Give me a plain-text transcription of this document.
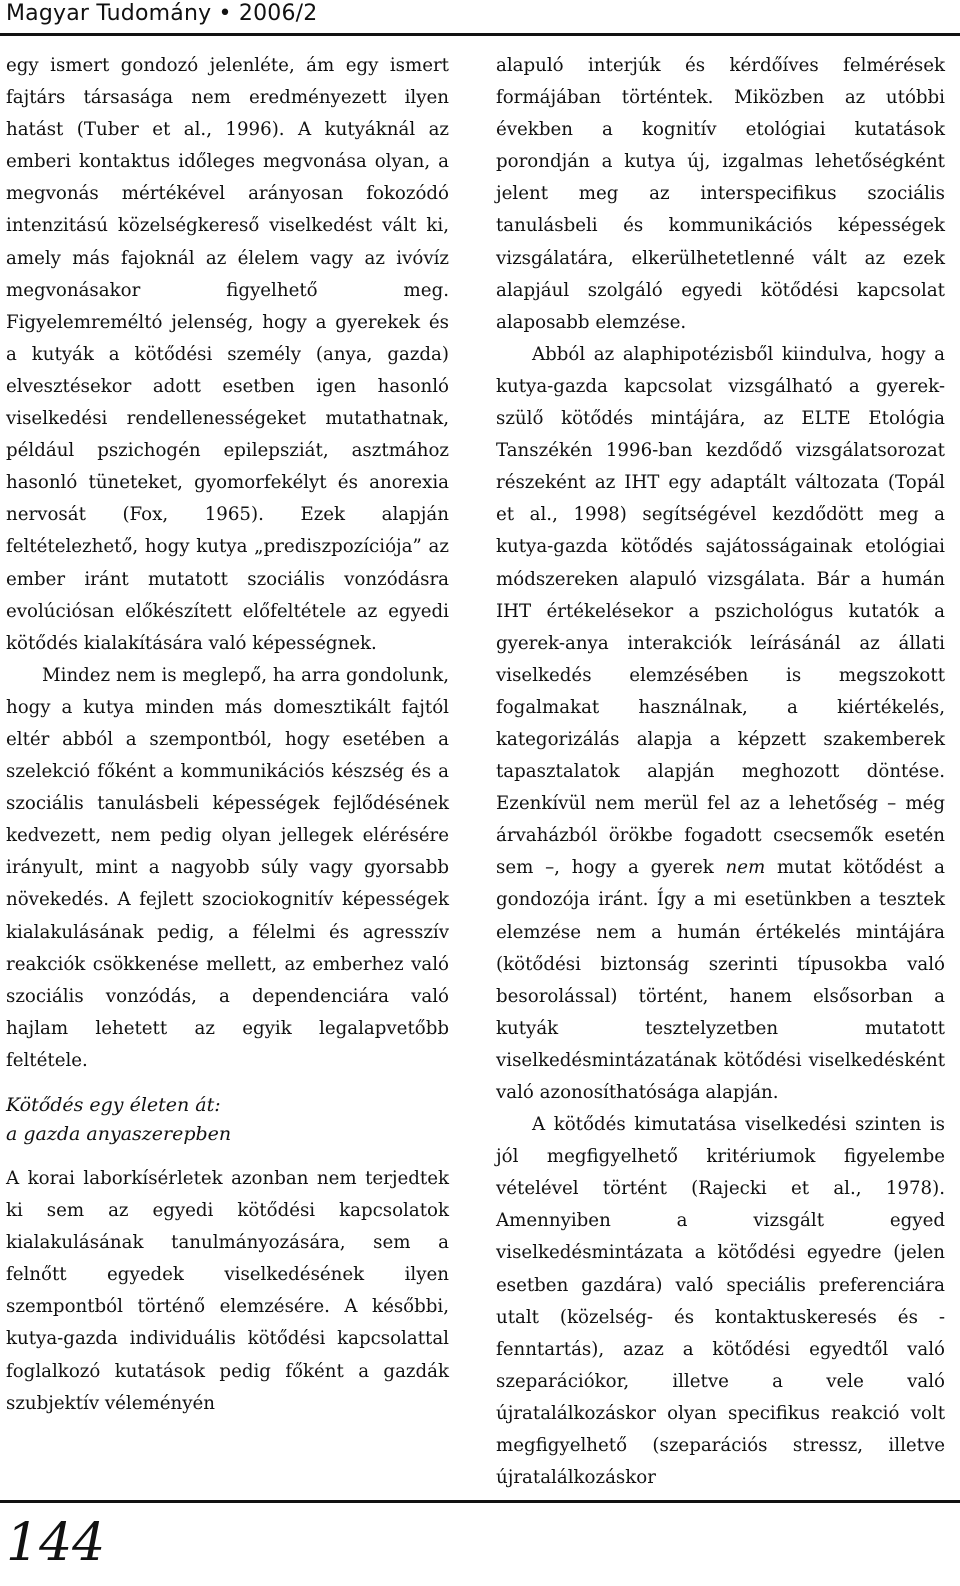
Magyar Tudomány • 2006/2

egy ismert gondozó jelenléte, ám egy ismert fajtárs társasága nem eredményezett ilyen hatást (Tuber et al., 1996). A kutyáknál az emberi kontaktus időleges megvonása olyan, a megvonás mértékével arányosan fokozódó intenzitású közelségkereső viselkedést vált ki, amely más fajoknál az élelem vagy az ivóvíz megvonásakor figyelhető meg. Figyelemreméltó jelenség, hogy a gyerekek és a kutyák a kötődési személy (anya, gazda) elvesztésekor adott esetben igen hasonló viselkedési rendellenességeket mutathatnak, például pszichogén epilepsziát, asztmához hasonló tüneteket, gyomorfekélyt és anorexia nervosát (Fox, 1965). Ezek alapján feltételezhető, hogy kutya „prediszpozíciója” az ember iránt mutatott szociális vonzódásra evolúciósan előkészített előfeltétele az egyedi kötődés kialakítására való képességnek.

Mindez nem is meglepő, ha arra gondolunk, hogy a kutya minden más domesztikált fajtól eltér abból a szempontból, hogy esetében a szelekció főként a kommunikációs készség és a szociális tanulásbeli képességek fejlődésének kedvezett, nem pedig olyan jellegek elérésére irányult, mint a nagyobb súly vagy gyorsabb növekedés. A fejlett szociokognitív képességek kialakulásának pedig, a félelmi és agresszív reakciók csökkenése mellett, az emberhez való szociális vonzódás, a dependenciára való hajlam lehetett az egyik legalapvetőbb feltétele.

Kötődés egy életen át:
a gazda anyaszerepben

A korai laborkísérletek azonban nem terjedtek ki sem az egyedi kötődési kapcsolatok kialakulásának tanulmányozására, sem a felnőtt egyedek viselkedésének ilyen szempontból történő elemzésére. A későbbi, kutya-gazda individuális kötődési kapcsolattal foglalkozó kutatások pedig főként a gazdák szubjektív véleményén

alapuló interjúk és kérdőíves felmérések formájában történtek. Miközben az utóbbi években a kognitív etológiai kutatások porondján a kutya új, izgalmas lehetőségként jelent meg az interspecifikus szociális tanulásbeli és kommunikációs képességek vizsgálatára, elkerülhetetlenné vált az ezek alapjául szolgáló egyedi kötődési kapcsolat alaposabb elemzése.

Abból az alaphipotézisből kiindulva, hogy a kutya-gazda kapcsolat vizsgálható a gyerek-szülő kötődés mintájára, az ELTE Etológia Tanszékén 1996-ban kezdődő vizsgálatsorozat részeként az IHT egy adaptált változata (Topál et al., 1998) segítségével kezdődött meg a kutya-gazda kötődés sajátosságainak etológiai módszereken alapuló vizsgálata. Bár a humán IHT értékelésekor a pszichológus kutatók a gyerek-anya interakciók leírásánál az állati viselkedés elemzésében is megszokott fogalmakat használnak, a kiértékelés, kategorizálás alapja a képzett szakemberek tapasztalatok alapján meghozott döntése. Ezenkívül nem merül fel az a lehetőség – még árvaházból örökbe fogadott csecsemők esetén sem –, hogy a gyerek nem mutat kötődést a gondozója iránt. Így a mi esetünkben a tesztek elemzése nem a humán értékelés mintájára (kötődési biztonság szerinti típusokba való besorolással) történt, hanem elsősorban a kutyák tesztelyzetben mutatott viselkedésmintázatának kötődési viselkedésként való azonosíthatósága alapján.

A kötődés kimutatása viselkedési szinten is jól megfigyelhető kritériumok figyelembe vételével történt (Rajecki et al., 1978). Amennyiben a vizsgált egyed viselkedésmintázata a kötődési egyedre (jelen esetben gazdára) való speciális preferenciára utalt (közelség- és kontaktuskeresés és -fenntartás), azaz a kötődési egyedtől való szeparációkor, illetve a vele való újratalálkozáskor olyan specifikus reakció volt megfigyelhető (szeparációs stressz, illetve újratalálkozáskor

144
